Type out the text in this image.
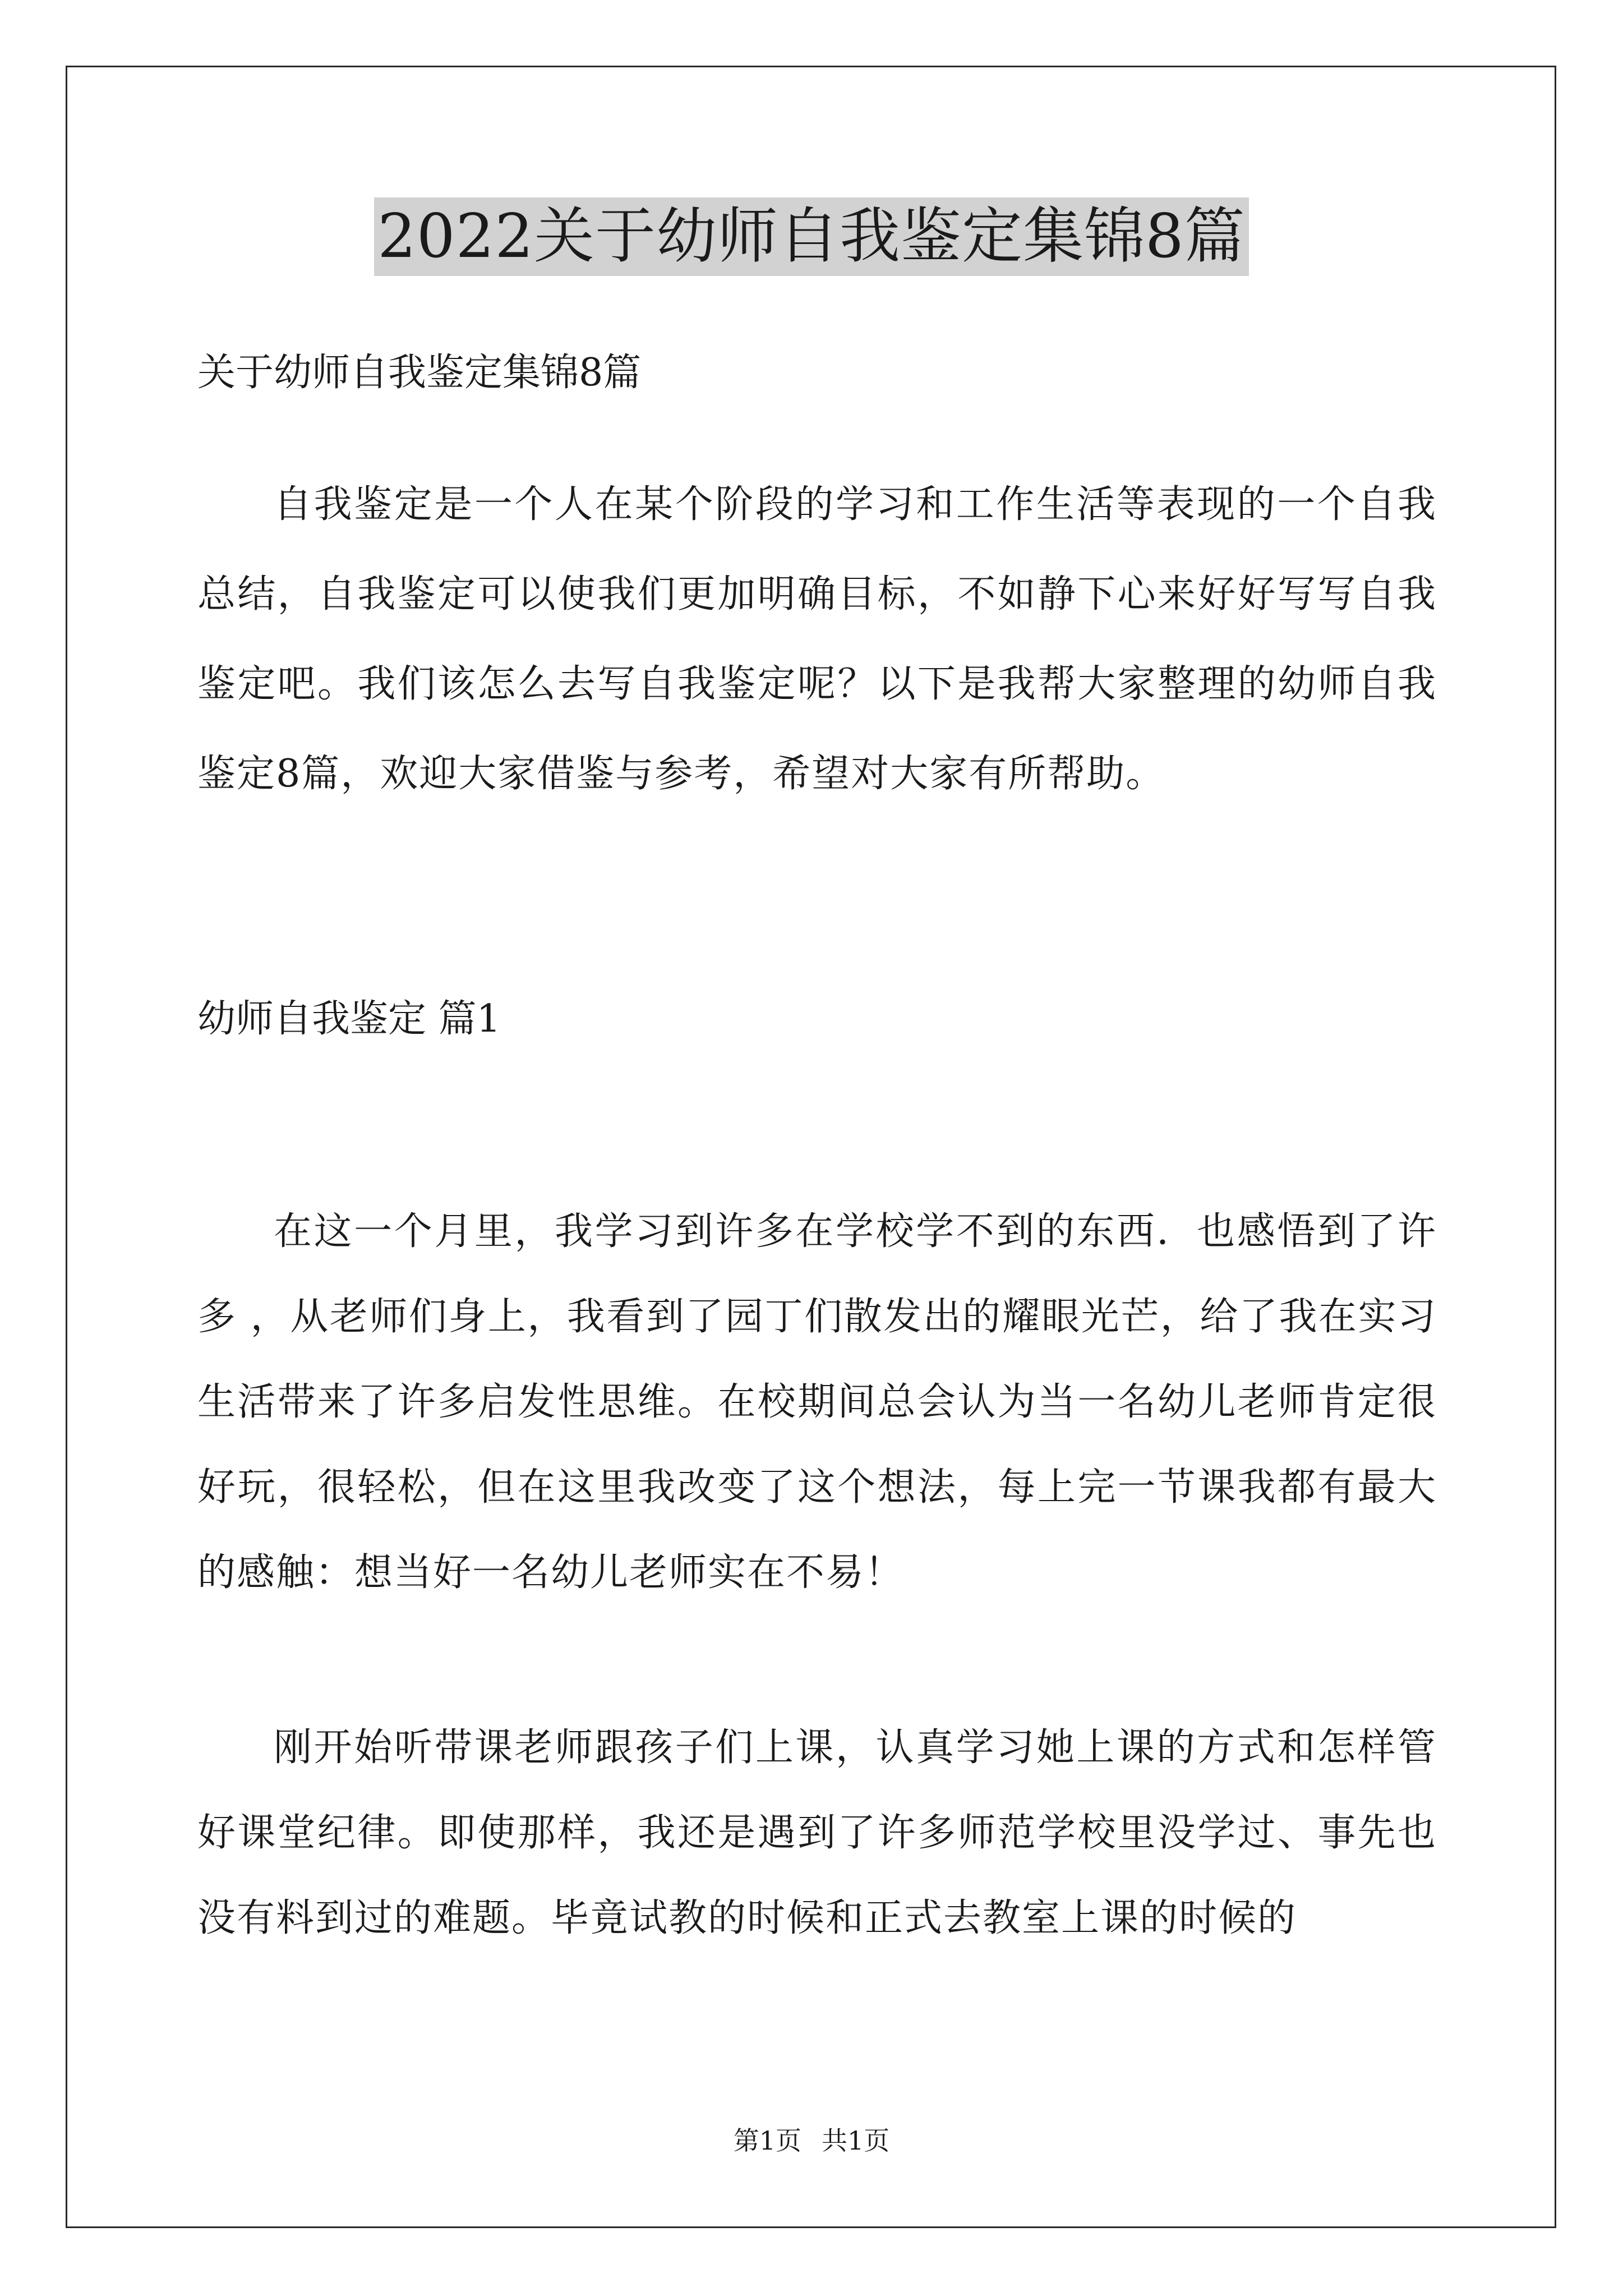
2022关于幼师自我鉴定集锦8篇
关于幼师自我鉴定集锦8篇

自我鉴定是一个人在某个阶段的学习和工作生活等表现的一个自我总结，自我鉴定可以使我们更加明确目标，不如静下心来好好写写自我鉴定吧。我们该怎么去写自我鉴定呢？以下是我帮大家整理的幼师自我鉴定8篇，欢迎大家借鉴与参考，希望对大家有所帮助。

幼师自我鉴定 篇1

在这一个月里，我学习到许多在学校学不到的东西．也感悟到了许多 ，从老师们身上，我看到了园丁们散发出的耀眼光芒，给了我在实习生活带来了许多启发性思维。在校期间总会认为当一名幼儿老师肯定很好玩，很轻松，但在这里我改变了这个想法，每上完一节课我都有最大的感触：想当好一名幼儿老师实在不易！

刚开始听带课老师跟孩子们上课，认真学习她上课的方式和怎样管好课堂纪律。即使那样，我还是遇到了许多师范学校里没学过、事先也没有料到过的难题。毕竟试教的时候和正式去教室上课的时候的

第1页 共1页
